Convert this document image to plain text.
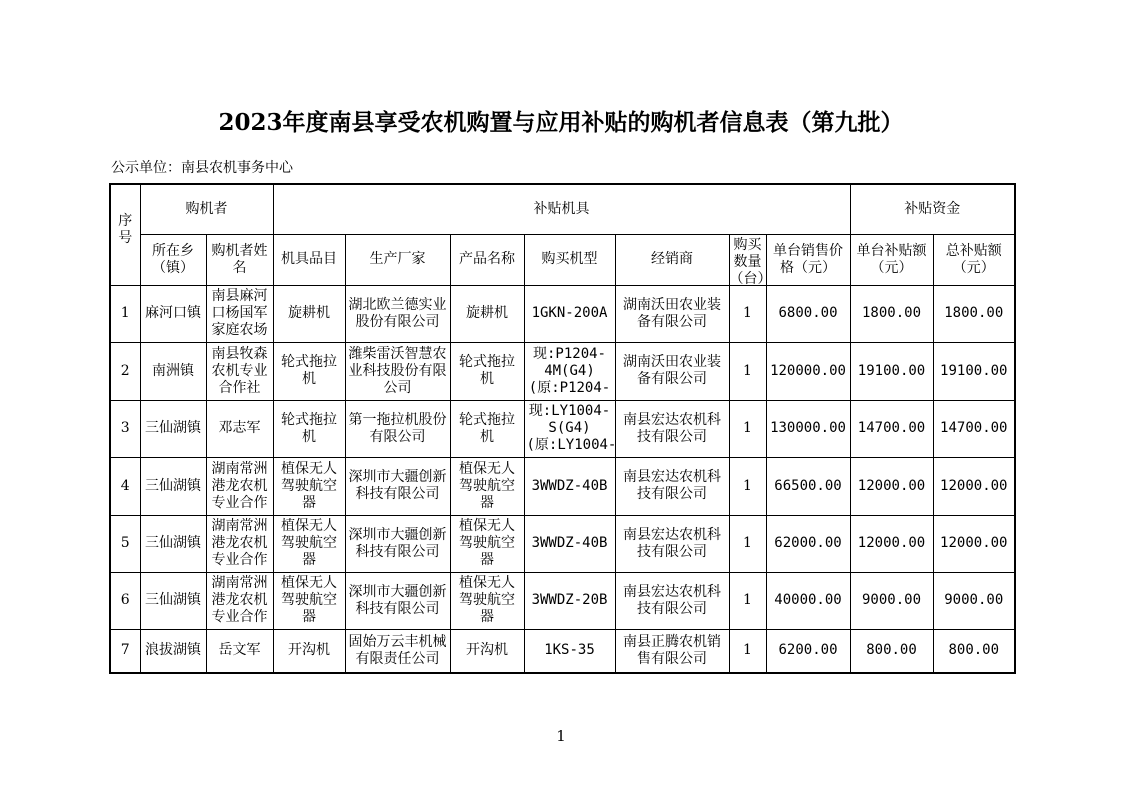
2023年度南县享受农机购置与应用补贴的购机者信息表（第九批）
公示单位：南县农机事务中心
序号	购机者		补贴机具							补贴资金	

	所在乡（镇）	购机者姓名	机具品目	生产厂家	产品名称	购买机型	经销商	购买数量（台）	单台销售价格（元）	单台补贴额（元）	总补贴额（元）

1	麻河口镇	南县麻河口杨国军家庭农场	旋耕机	湖北欧兰德实业股份有限公司	旋耕机	1GKN-200A	湖南沃田农业装备有限公司	1	6800.00	1800.00	1800.00

2	南洲镇	南县牧森农机专业合作社	轮式拖拉机	潍柴雷沃智慧农业科技股份有限公司	轮式拖拉机	现:P1204-4M(G4)(原:P1204-	湖南沃田农业装备有限公司	1	120000.00	19100.00	19100.00

3	三仙湖镇	邓志军	轮式拖拉机	第一拖拉机股份有限公司	轮式拖拉机	现:LY1004-S(G4)(原:LY1004-	南县宏达农机科技有限公司	1	130000.00	14700.00	14700.00

4	三仙湖镇	湖南常洲港龙农机专业合作	植保无人驾驶航空器	深圳市大疆创新科技有限公司	植保无人驾驶航空器	3WWDZ-40B	南县宏达农机科技有限公司	1	66500.00	12000.00	12000.00

5	三仙湖镇	湖南常洲港龙农机专业合作	植保无人驾驶航空器	深圳市大疆创新科技有限公司	植保无人驾驶航空器	3WWDZ-40B	南县宏达农机科技有限公司	1	62000.00	12000.00	12000.00

6	三仙湖镇	湖南常洲港龙农机专业合作	植保无人驾驶航空器	深圳市大疆创新科技有限公司	植保无人驾驶航空器	3WWDZ-20B	南县宏达农机科技有限公司	1	40000.00	9000.00	9000.00

7	浪拔湖镇	岳文军	开沟机	固始万云丰机械有限责任公司	开沟机	1KS-35	南县正腾农机销售有限公司	1	6200.00	800.00	800.00
1
